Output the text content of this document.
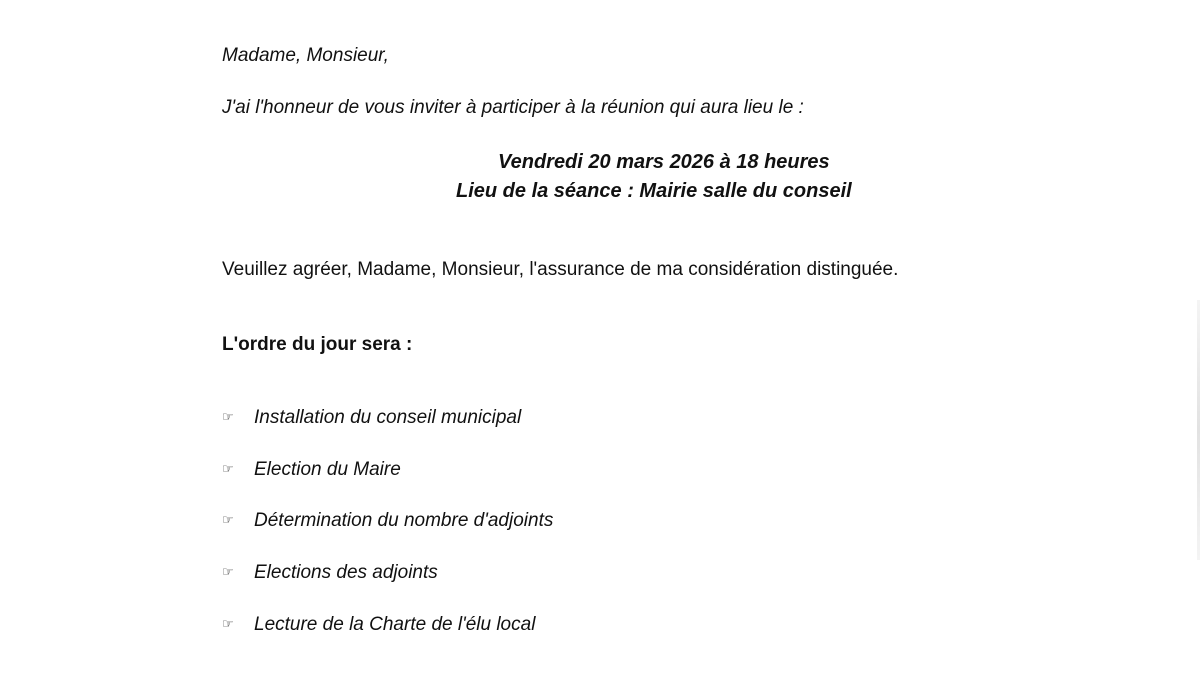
Madame, Monsieur,
J'ai l'honneur de vous inviter à participer à la réunion qui aura lieu le :
Vendredi 20 mars 2026 à 18 heures
Lieu de la séance : Mairie salle du conseil
Veuillez agréer, Madame, Monsieur, l'assurance de ma considération distinguée.
L'ordre du jour sera :
☞ Installation du conseil municipal
☞ Election du Maire
☞ Détermination du nombre d'adjoints
☞ Elections des adjoints
☞ Lecture de la Charte de l'élu local
